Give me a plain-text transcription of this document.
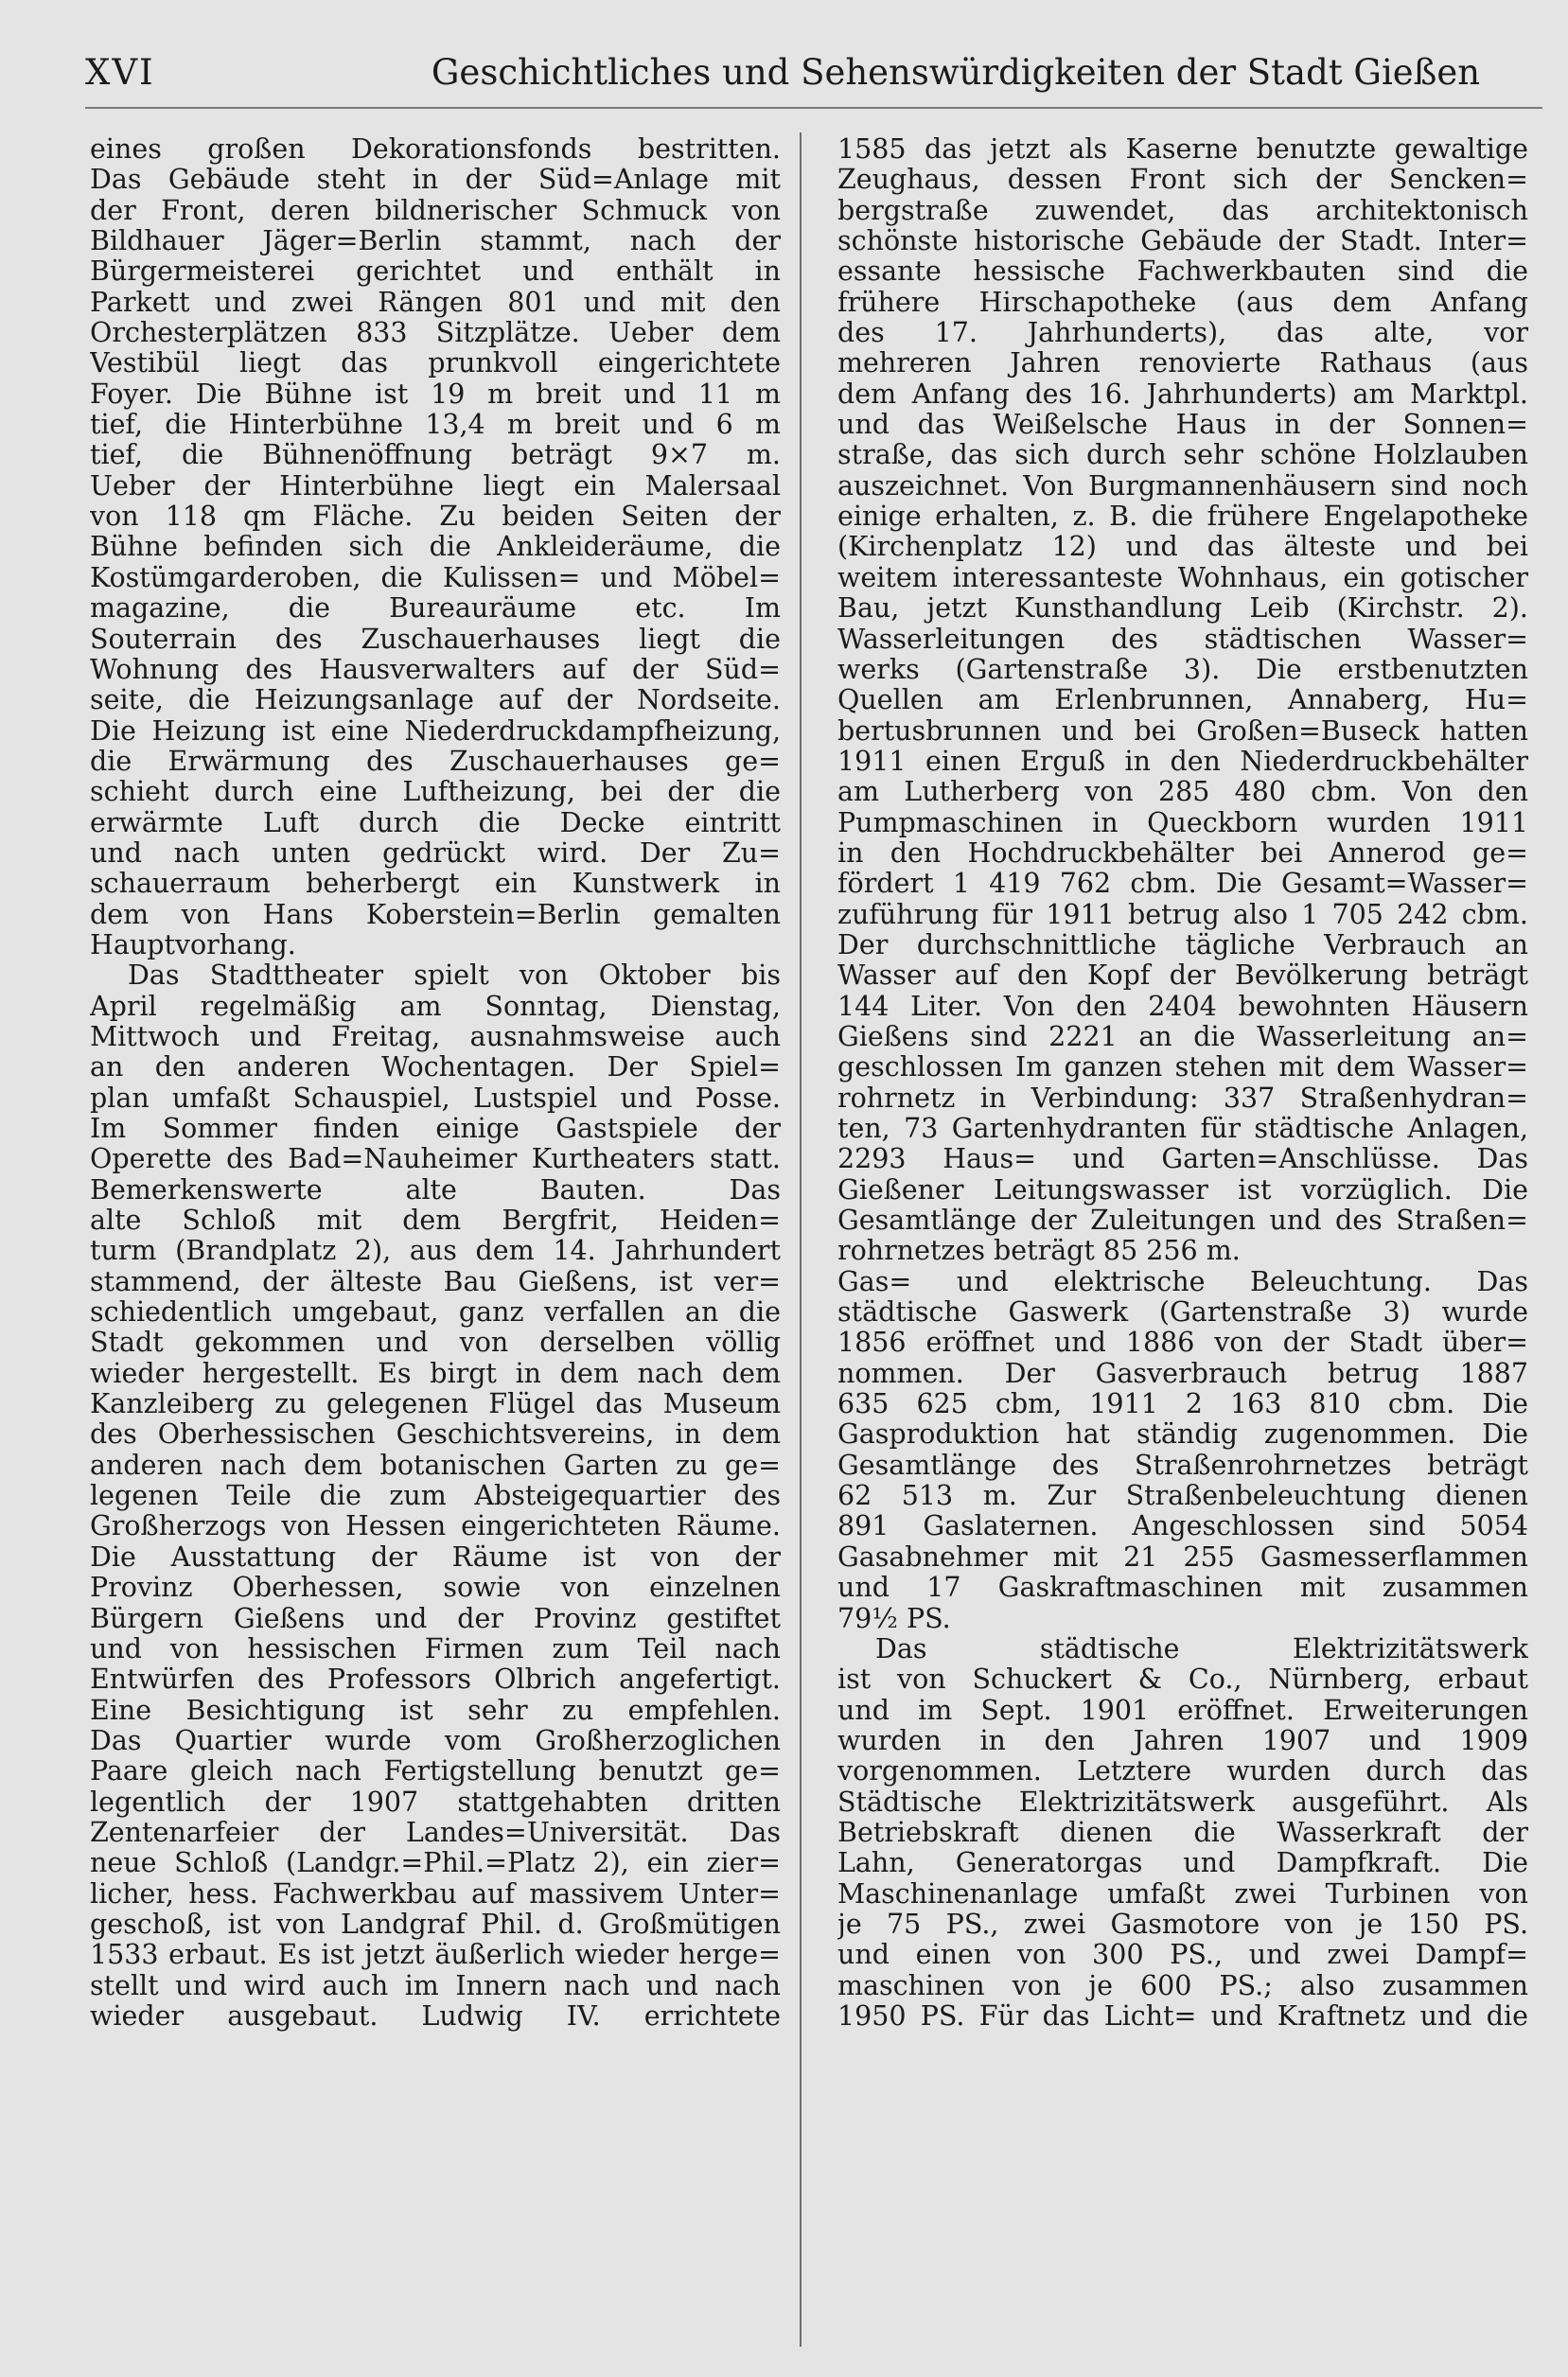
XVI	Geschichtliches und Sehenswürdigkeiten der Stadt Gießen
eines großen Dekorationsfonds bestritten.
Das Gebäude steht in der Süd=Anlage mit
der Front, deren bildnerischer Schmuck von
Bildhauer Jäger=Berlin stammt, nach der
Bürgermeisterei gerichtet und enthält in
Parkett und zwei Rängen 801 und mit den
Orchesterplätzen 833 Sitzplätze. Ueber dem
Vestibül liegt das prunkvoll eingerichtete
Foyer. Die Bühne ist 19 m breit und 11 m
tief, die Hinterbühne 13,4 m breit und 6 m
tief, die Bühnenöffnung beträgt 9×7 m.
Ueber der Hinterbühne liegt ein Malersaal
von 118 qm Fläche. Zu beiden Seiten der
Bühne befinden sich die Ankleideräume, die
Kostümgarderoben, die Kulissen= und Möbel=
magazine, die Bureauräume etc. Im
Souterrain des Zuschauerhauses liegt die
Wohnung des Hausverwalters auf der Süd=
seite, die Heizungsanlage auf der Nordseite.
Die Heizung ist eine Niederdruckdampfheizung,
die Erwärmung des Zuschauerhauses ge=
schieht durch eine Luftheizung, bei der die
erwärmte Luft durch die Decke eintritt
und nach unten gedrückt wird. Der Zu=
schauerraum beherbergt ein Kunstwerk in
dem von Hans Koberstein=Berlin gemalten
Hauptvorhang.
Das Stadttheater spielt von Oktober bis
April regelmäßig am Sonntag, Dienstag,
Mittwoch und Freitag, ausnahmsweise auch
an den anderen Wochentagen. Der Spiel=
plan umfaßt Schauspiel, Lustspiel und Posse.
Im Sommer finden einige Gastspiele der
Operette des Bad=Nauheimer Kurtheaters statt.
Bemerkenswerte alte Bauten. Das
alte Schloß mit dem Bergfrit, Heiden=
turm (Brandplatz 2), aus dem 14. Jahrhundert
stammend, der älteste Bau Gießens, ist ver=
schiedentlich umgebaut, ganz verfallen an die
Stadt gekommen und von derselben völlig
wieder hergestellt. Es birgt in dem nach dem
Kanzleiberg zu gelegenen Flügel das Museum
des Oberhessischen Geschichtsvereins, in dem
anderen nach dem botanischen Garten zu ge=
legenen Teile die zum Absteigequartier des
Großherzogs von Hessen eingerichteten Räume.
Die Ausstattung der Räume ist von der
Provinz Oberhessen, sowie von einzelnen
Bürgern Gießens und der Provinz gestiftet
und von hessischen Firmen zum Teil nach
Entwürfen des Professors Olbrich angefertigt.
Eine Besichtigung ist sehr zu empfehlen.
Das Quartier wurde vom Großherzoglichen
Paare gleich nach Fertigstellung benutzt ge=
legentlich der 1907 stattgehabten dritten
Zentenarfeier der Landes=Universität. Das
neue Schloß (Landgr.=Phil.=Platz 2), ein zier=
licher, hess. Fachwerkbau auf massivem Unter=
geschoß, ist von Landgraf Phil. d. Großmütigen
1533 erbaut. Es ist jetzt äußerlich wieder herge=
stellt und wird auch im Innern nach und nach
wieder ausgebaut. Ludwig IV. errichtete
1585 das jetzt als Kaserne benutzte gewaltige
Zeughaus, dessen Front sich der Sencken=
bergstraße zuwendet, das architektonisch
schönste historische Gebäude der Stadt. Inter=
essante hessische Fachwerkbauten sind die
frühere Hirschapotheke (aus dem Anfang
des 17. Jahrhunderts), das alte, vor
mehreren Jahren renovierte Rathaus (aus
dem Anfang des 16. Jahrhunderts) am Marktpl.
und das Weißelsche Haus in der Sonnen=
straße, das sich durch sehr schöne Holzlauben
auszeichnet. Von Burgmannenhäusern sind noch
einige erhalten, z. B. die frühere Engelapotheke
(Kirchenplatz 12) und das älteste und bei
weitem interessanteste Wohnhaus, ein gotischer
Bau, jetzt Kunsthandlung Leib (Kirchstr. 2).
Wasserleitungen des städtischen Wasser=
werks (Gartenstraße 3). Die erstbenutzten
Quellen am Erlenbrunnen, Annaberg, Hu=
bertusbrunnen und bei Großen=Buseck hatten
1911 einen Erguß in den Niederdruckbehälter
am Lutherberg von 285 480 cbm. Von den
Pumpmaschinen in Queckborn wurden 1911
in den Hochdruckbehälter bei Annerod ge=
fördert 1 419 762 cbm. Die Gesamt=Wasser=
zuführung für 1911 betrug also 1 705 242 cbm.
Der durchschnittliche tägliche Verbrauch an
Wasser auf den Kopf der Bevölkerung beträgt
144 Liter. Von den 2404 bewohnten Häusern
Gießens sind 2221 an die Wasserleitung an=
geschlossen Im ganzen stehen mit dem Wasser=
rohrnetz in Verbindung: 337 Straßenhydran=
ten, 73 Gartenhydranten für städtische Anlagen,
2293 Haus= und Garten=Anschlüsse. Das
Gießener Leitungswasser ist vorzüglich. Die
Gesamtlänge der Zuleitungen und des Straßen=
rohrnetzes beträgt 85 256 m.
Gas= und elektrische Beleuchtung. Das
städtische Gaswerk (Gartenstraße 3) wurde
1856 eröffnet und 1886 von der Stadt über=
nommen. Der Gasverbrauch betrug 1887
635 625 cbm, 1911 2 163 810 cbm. Die
Gasproduktion hat ständig zugenommen. Die
Gesamtlänge des Straßenrohrnetzes beträgt
62 513 m. Zur Straßenbeleuchtung dienen
891 Gaslaternen. Angeschlossen sind 5054
Gasabnehmer mit 21 255 Gasmesserflammen
und 17 Gaskraftmaschinen mit zusammen
79½ PS.
Das städtische Elektrizitätswerk
ist von Schuckert & Co., Nürnberg, erbaut
und im Sept. 1901 eröffnet. Erweiterungen
wurden in den Jahren 1907 und 1909
vorgenommen. Letztere wurden durch das
Städtische Elektrizitätswerk ausgeführt. Als
Betriebskraft dienen die Wasserkraft der
Lahn, Generatorgas und Dampfkraft. Die
Maschinenanlage umfaßt zwei Turbinen von
je 75 PS., zwei Gasmotore von je 150 PS.
und einen von 300 PS., und zwei Dampf=
maschinen von je 600 PS.; also zusammen
1950 PS. Für das Licht= und Kraftnetz und die
